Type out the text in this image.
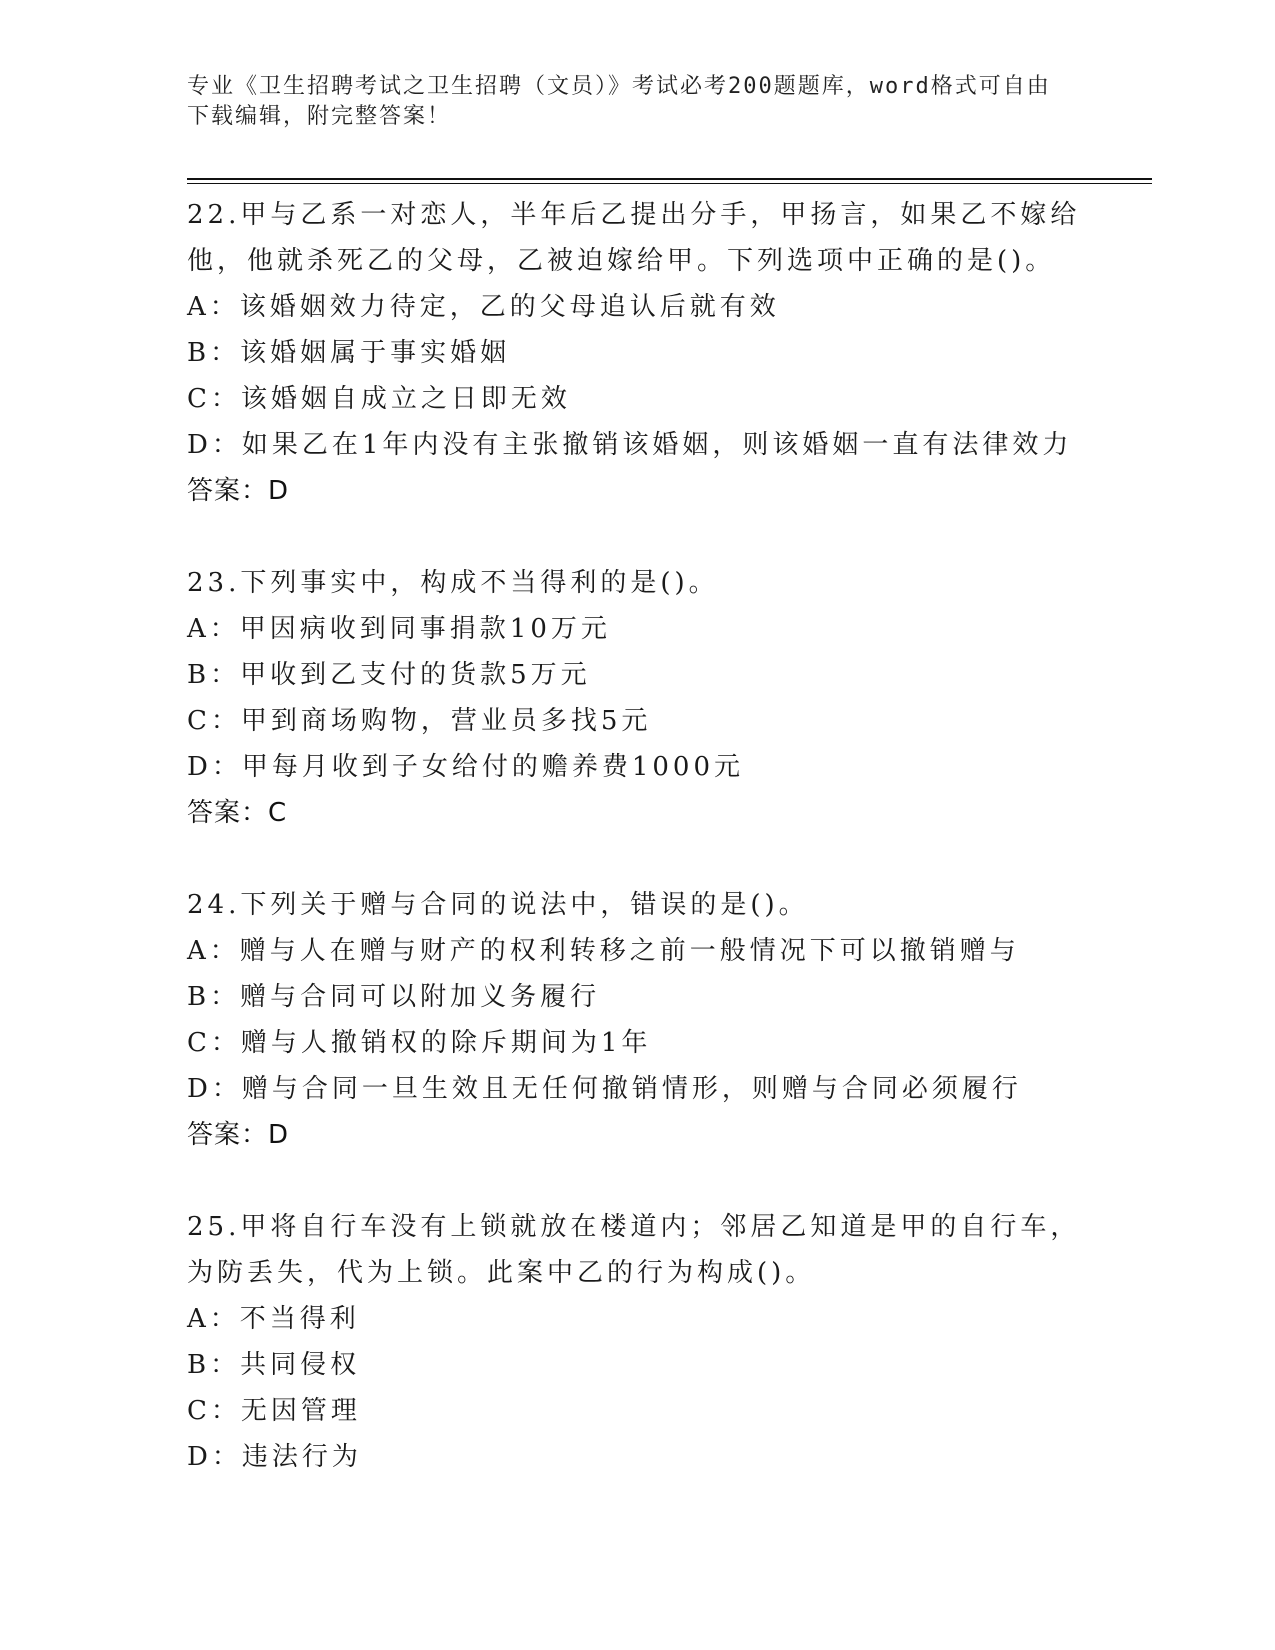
专业《卫生招聘考试之卫生招聘（文员）》考试必考200题题库，word格式可自由下载编辑，附完整答案！

22.甲与乙系一对恋人，半年后乙提出分手，甲扬言，如果乙不嫁给他，他就杀死乙的父母，乙被迫嫁给甲。下列选项中正确的是()。

A：该婚姻效力待定，乙的父母追认后就有效

B：该婚姻属于事实婚姻

C：该婚姻自成立之日即无效

D：如果乙在1年内没有主张撤销该婚姻，则该婚姻一直有法律效力

答案：D

23.下列事实中，构成不当得利的是()。

A：甲因病收到同事捐款10万元

B：甲收到乙支付的货款5万元

C：甲到商场购物，营业员多找5元

D：甲每月收到子女给付的赡养费1000元

答案：C

24.下列关于赠与合同的说法中，错误的是()。

A：赠与人在赠与财产的权利转移之前一般情况下可以撤销赠与

B：赠与合同可以附加义务履行

C：赠与人撤销权的除斥期间为1年

D：赠与合同一旦生效且无任何撤销情形，则赠与合同必须履行

答案：D

25.甲将自行车没有上锁就放在楼道内；邻居乙知道是甲的自行车，为防丢失，代为上锁。此案中乙的行为构成()。

A：不当得利

B：共同侵权

C：无因管理

D：违法行为
